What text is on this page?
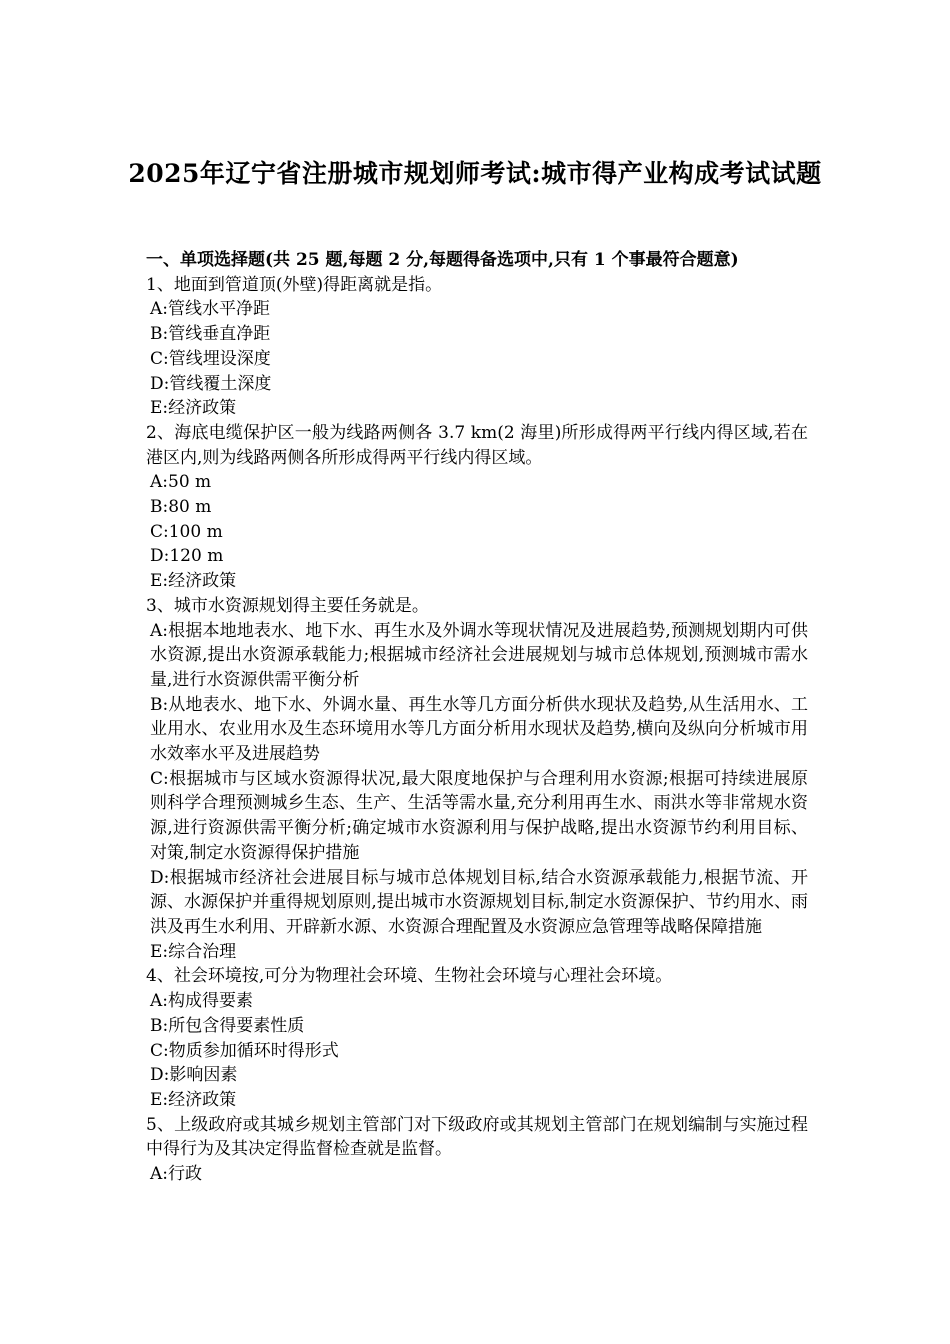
2025年辽宁省注册城市规划师考试:城市得产业构成考试试题

一、单项选择题(共 25 题,每题 2 分,每题得备选项中,只有 1 个事最符合题意)

1、地面到管道顶(外壁)得距离就是指。

A:管线水平净距

B:管线垂直净距

C:管线埋设深度

D:管线覆土深度

E:经济政策

2、海底电缆保护区一般为线路两侧各 3.7 km(2 海里)所形成得两平行线内得区域,若在港区内,则为线路两侧各所形成得两平行线内得区域。

A:50 m

B:80 m

C:100 m

D:120 m

E:经济政策

3、城市水资源规划得主要任务就是。

A:根据本地地表水、地下水、再生水及外调水等现状情况及进展趋势,预测规划期内可供水资源,提出水资源承载能力;根据城市经济社会进展规划与城市总体规划,预测城市需水量,进行水资源供需平衡分析

B:从地表水、地下水、外调水量、再生水等几方面分析供水现状及趋势,从生活用水、工业用水、农业用水及生态环境用水等几方面分析用水现状及趋势,横向及纵向分析城市用水效率水平及进展趋势

C:根据城市与区域水资源得状况,最大限度地保护与合理利用水资源;根据可持续进展原则科学合理预测城乡生态、生产、生活等需水量,充分利用再生水、雨洪水等非常规水资源,进行资源供需平衡分析;确定城市水资源利用与保护战略,提出水资源节约利用目标、对策,制定水资源得保护措施

D:根据城市经济社会进展目标与城市总体规划目标,结合水资源承载能力,根据节流、开源、水源保护并重得规划原则,提出城市水资源规划目标,制定水资源保护、节约用水、雨洪及再生水利用、开辟新水源、水资源合理配置及水资源应急管理等战略保障措施

E:综合治理

4、社会环境按,可分为物理社会环境、生物社会环境与心理社会环境。

A:构成得要素

B:所包含得要素性质

C:物质参加循环时得形式

D:影响因素

E:经济政策

5、上级政府或其城乡规划主管部门对下级政府或其规划主管部门在规划编制与实施过程中得行为及其决定得监督检查就是监督。

A:行政
